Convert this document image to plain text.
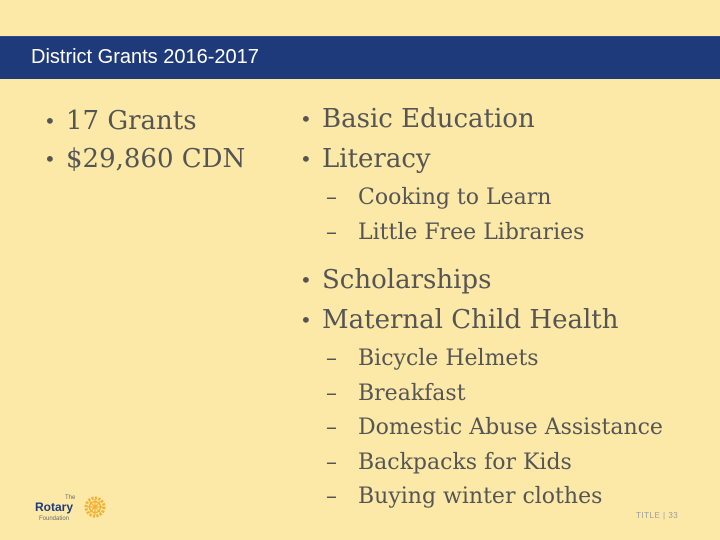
District Grants 2016-2017
• 17 Grants
• $29,860 CDN
• Basic Education
• Literacy
– Cooking to Learn
– Little Free Libraries
• Scholarships
• Maternal Child Health
– Bicycle Helmets
– Breakfast
– Domestic Abuse Assistance
– Backpacks for Kids
– Buying winter clothes
The
Rotary
Foundation	TITLE | 33
